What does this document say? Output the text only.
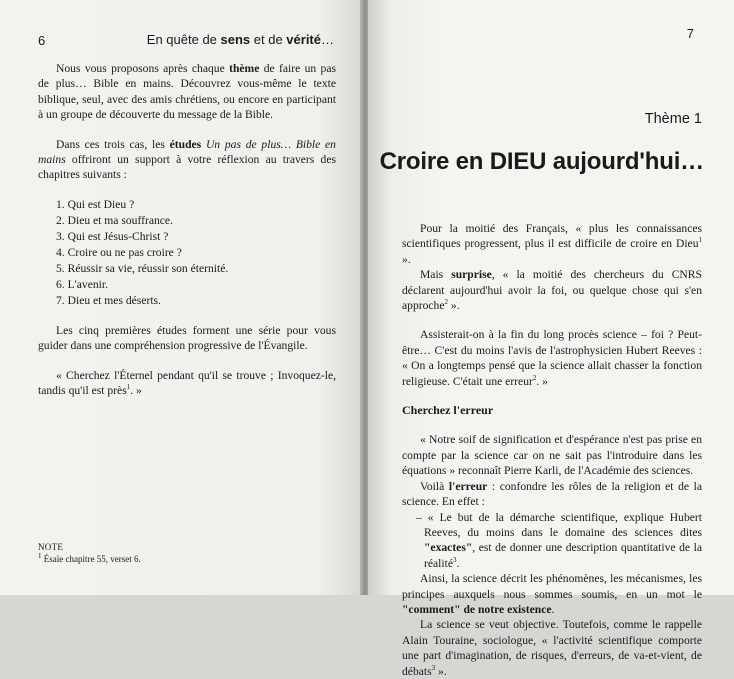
6	En quête de sens et de vérité…

Nous vous proposons après chaque thème de faire un pas de plus… Bible en mains. Découvrez vous-même le texte biblique, seul, avec des amis chrétiens, ou encore en participant à un groupe de découverte du message de la Bible.

Dans ces trois cas, les études Un pas de plus… Bible en mains offriront un support à votre réflexion au travers des chapitres suivants :

1. Qui est Dieu ?
2. Dieu et ma souffrance.
3. Qui est Jésus-Christ ?
4. Croire ou ne pas croire ?
5. Réussir sa vie, réussir son éternité.
6. L'avenir.
7. Dieu et mes déserts.

Les cinq premières études forment une série pour vous guider dans une compréhension progressive de l'Évangile.

« Cherchez l'Éternel pendant qu'il se trouve ; Invoquez-le, tandis qu'il est près$^1$. »

NOTE
$^1$ Ésaïe chapitre 55, verset 6.
7
Thème 1
Croire en DIEU aujourd'hui…

Pour la moitié des Français, « plus les connaissances scientifiques progressent, plus il est difficile de croire en Dieu$^1$ ».

Mais surprise, « la moitié des chercheurs du CNRS déclarent aujourd'hui avoir la foi, ou quelque chose qui s'en approche$^2$ ».

Assisterait-on à la fin du long procès science – foi ? Peut-être… C'est du moins l'avis de l'astrophysicien Hubert Reeves : « On a longtemps pensé que la science allait chasser la fonction religieuse. C'était une erreur$^2$. »

Cherchez l'erreur

« Notre soif de signification et d'espérance n'est pas prise en compte par la science car on ne sait pas l'introduire dans les équations » reconnaît Pierre Karli, de l'Académie des sciences.

Voilà l'erreur : confondre les rôles de la religion et de la science. En effet :

– « Le but de la démarche scientifique, explique Hubert Reeves, du moins dans le domaine des sciences dites "exactes", est de donner une description quantitative de la réalité$^3$.

Ainsi, la science décrit les phénomènes, les mécanismes, les principes auxquels nous sommes soumis, en un mot le "comment" de notre existence.

La science se veut objective. Toutefois, comme le rappelle Alain Touraine, sociologue, « l'activité scientifique comporte une part d'imagination, de risques, d'erreurs, de va-et-vient, de débats$^3$ ».
